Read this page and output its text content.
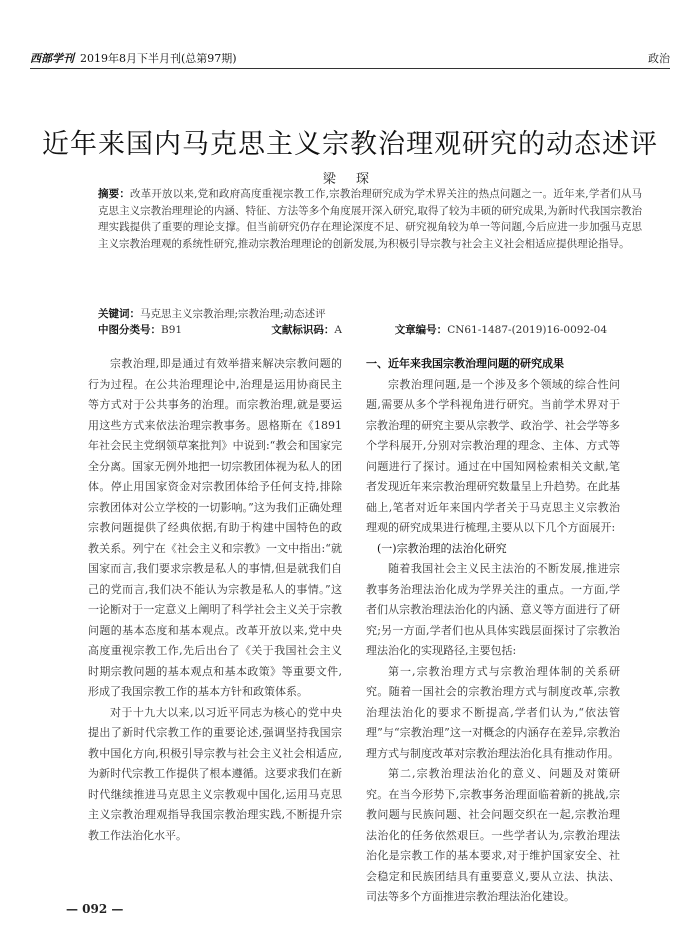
西部学刊 2019年8月下半月刊(总第97期)	政治
近年来国内马克思主义宗教治理观研究的动态述评
梁 琛
摘要：改革开放以来,党和政府高度重视宗教工作,宗教治理研究成为学术界关注的热点问题之一。近年来,学者们从马克思主义宗教治理理论的内涵、特征、方法等多个角度展开深入研究,取得了较为丰硕的研究成果,为新时代我国宗教治理实践提供了重要的理论支撑。但当前研究仍存在理论深度不足、研究视角较为单一等问题,今后应进一步加强马克思主义宗教治理观的系统性研究,推动宗教治理理论的创新发展,为积极引导宗教与社会主义社会相适应提供理论指导。
关键词：马克思主义宗教治理;宗教治理;动态述评
中图分类号：B91	文献标识码：A	文章编号：CN61-1487-(2019)16-0092-04

宗教治理,即是通过有效举措来解决宗教问题的行为过程。在公共治理理论中,治理是运用协商民主等方式对于公共事务的治理。而宗教治理,就是要运用这些方式来依法治理宗教事务。恩格斯在《1891年社会民主党纲领草案批判》中说到:“教会和国家完全分离。国家无例外地把一切宗教团体视为私人的团体。停止用国家资金对宗教团体给予任何支持,排除宗教团体对公立学校的一切影响。”这为我们正确处理宗教问题提供了经典依据,有助于构建中国特色的政教关系。列宁在《社会主义和宗教》一文中指出:“就国家而言,我们要求宗教是私人的事情,但是就我们自己的党而言,我们决不能认为宗教是私人的事情。”这一论断对于一定意义上阐明了科学社会主义关于宗教问题的基本态度和基本观点。改革开放以来,党中央高度重视宗教工作,先后出台了《关于我国社会主义时期宗教问题的基本观点和基本政策》等重要文件,形成了我国宗教工作的基本方针和政策体系。

对于十九大以来,以习近平同志为核心的党中央提出了新时代宗教工作的重要论述,强调坚持我国宗教中国化方向,积极引导宗教与社会主义社会相适应,为新时代宗教工作提供了根本遵循。这要求我们在新时代继续推进马克思主义宗教观中国化,运用马克思主义宗教治理观指导我国宗教治理实践,不断提升宗教工作法治化水平。

一、近年来我国宗教治理问题的研究成果

宗教治理问题,是一个涉及多个领域的综合性问题,需要从多个学科视角进行研究。当前学术界对于宗教治理的研究主要从宗教学、政治学、社会学等多个学科展开,分别对宗教治理的理念、主体、方式等问题进行了探讨。通过在中国知网检索相关文献,笔者发现近年来宗教治理研究数量呈上升趋势。在此基础上,笔者对近年来国内学者关于马克思主义宗教治理观的研究成果进行梳理,主要从以下几个方面展开:

(一)宗教治理的法治化研究

随着我国社会主义民主法治的不断发展,推进宗教事务治理法治化成为学界关注的重点。一方面,学者们从宗教治理法治化的内涵、意义等方面进行了研究;另一方面,学者们也从具体实践层面探讨了宗教治理法治化的实现路径,主要包括:

第一,宗教治理方式与宗教治理体制的关系研究。随着一国社会的宗教治理方式与制度改革,宗教治理法治化的要求不断提高,学者们认为,“依法管理”与“宗教治理”这一对概念的内涵存在差异,宗教治理方式与制度改革对宗教治理法治化具有推动作用。

第二,宗教治理法治化的意义、问题及对策研究。在当今形势下,宗教事务治理面临着新的挑战,宗教问题与民族问题、社会问题交织在一起,宗教治理法治化的任务依然艰巨。一些学者认为,宗教治理法治化是宗教工作的基本要求,对于维护国家安全、社会稳定和民族团结具有重要意义,要从立法、执法、司法等多个方面推进宗教治理法治化建设。

— 092 —
